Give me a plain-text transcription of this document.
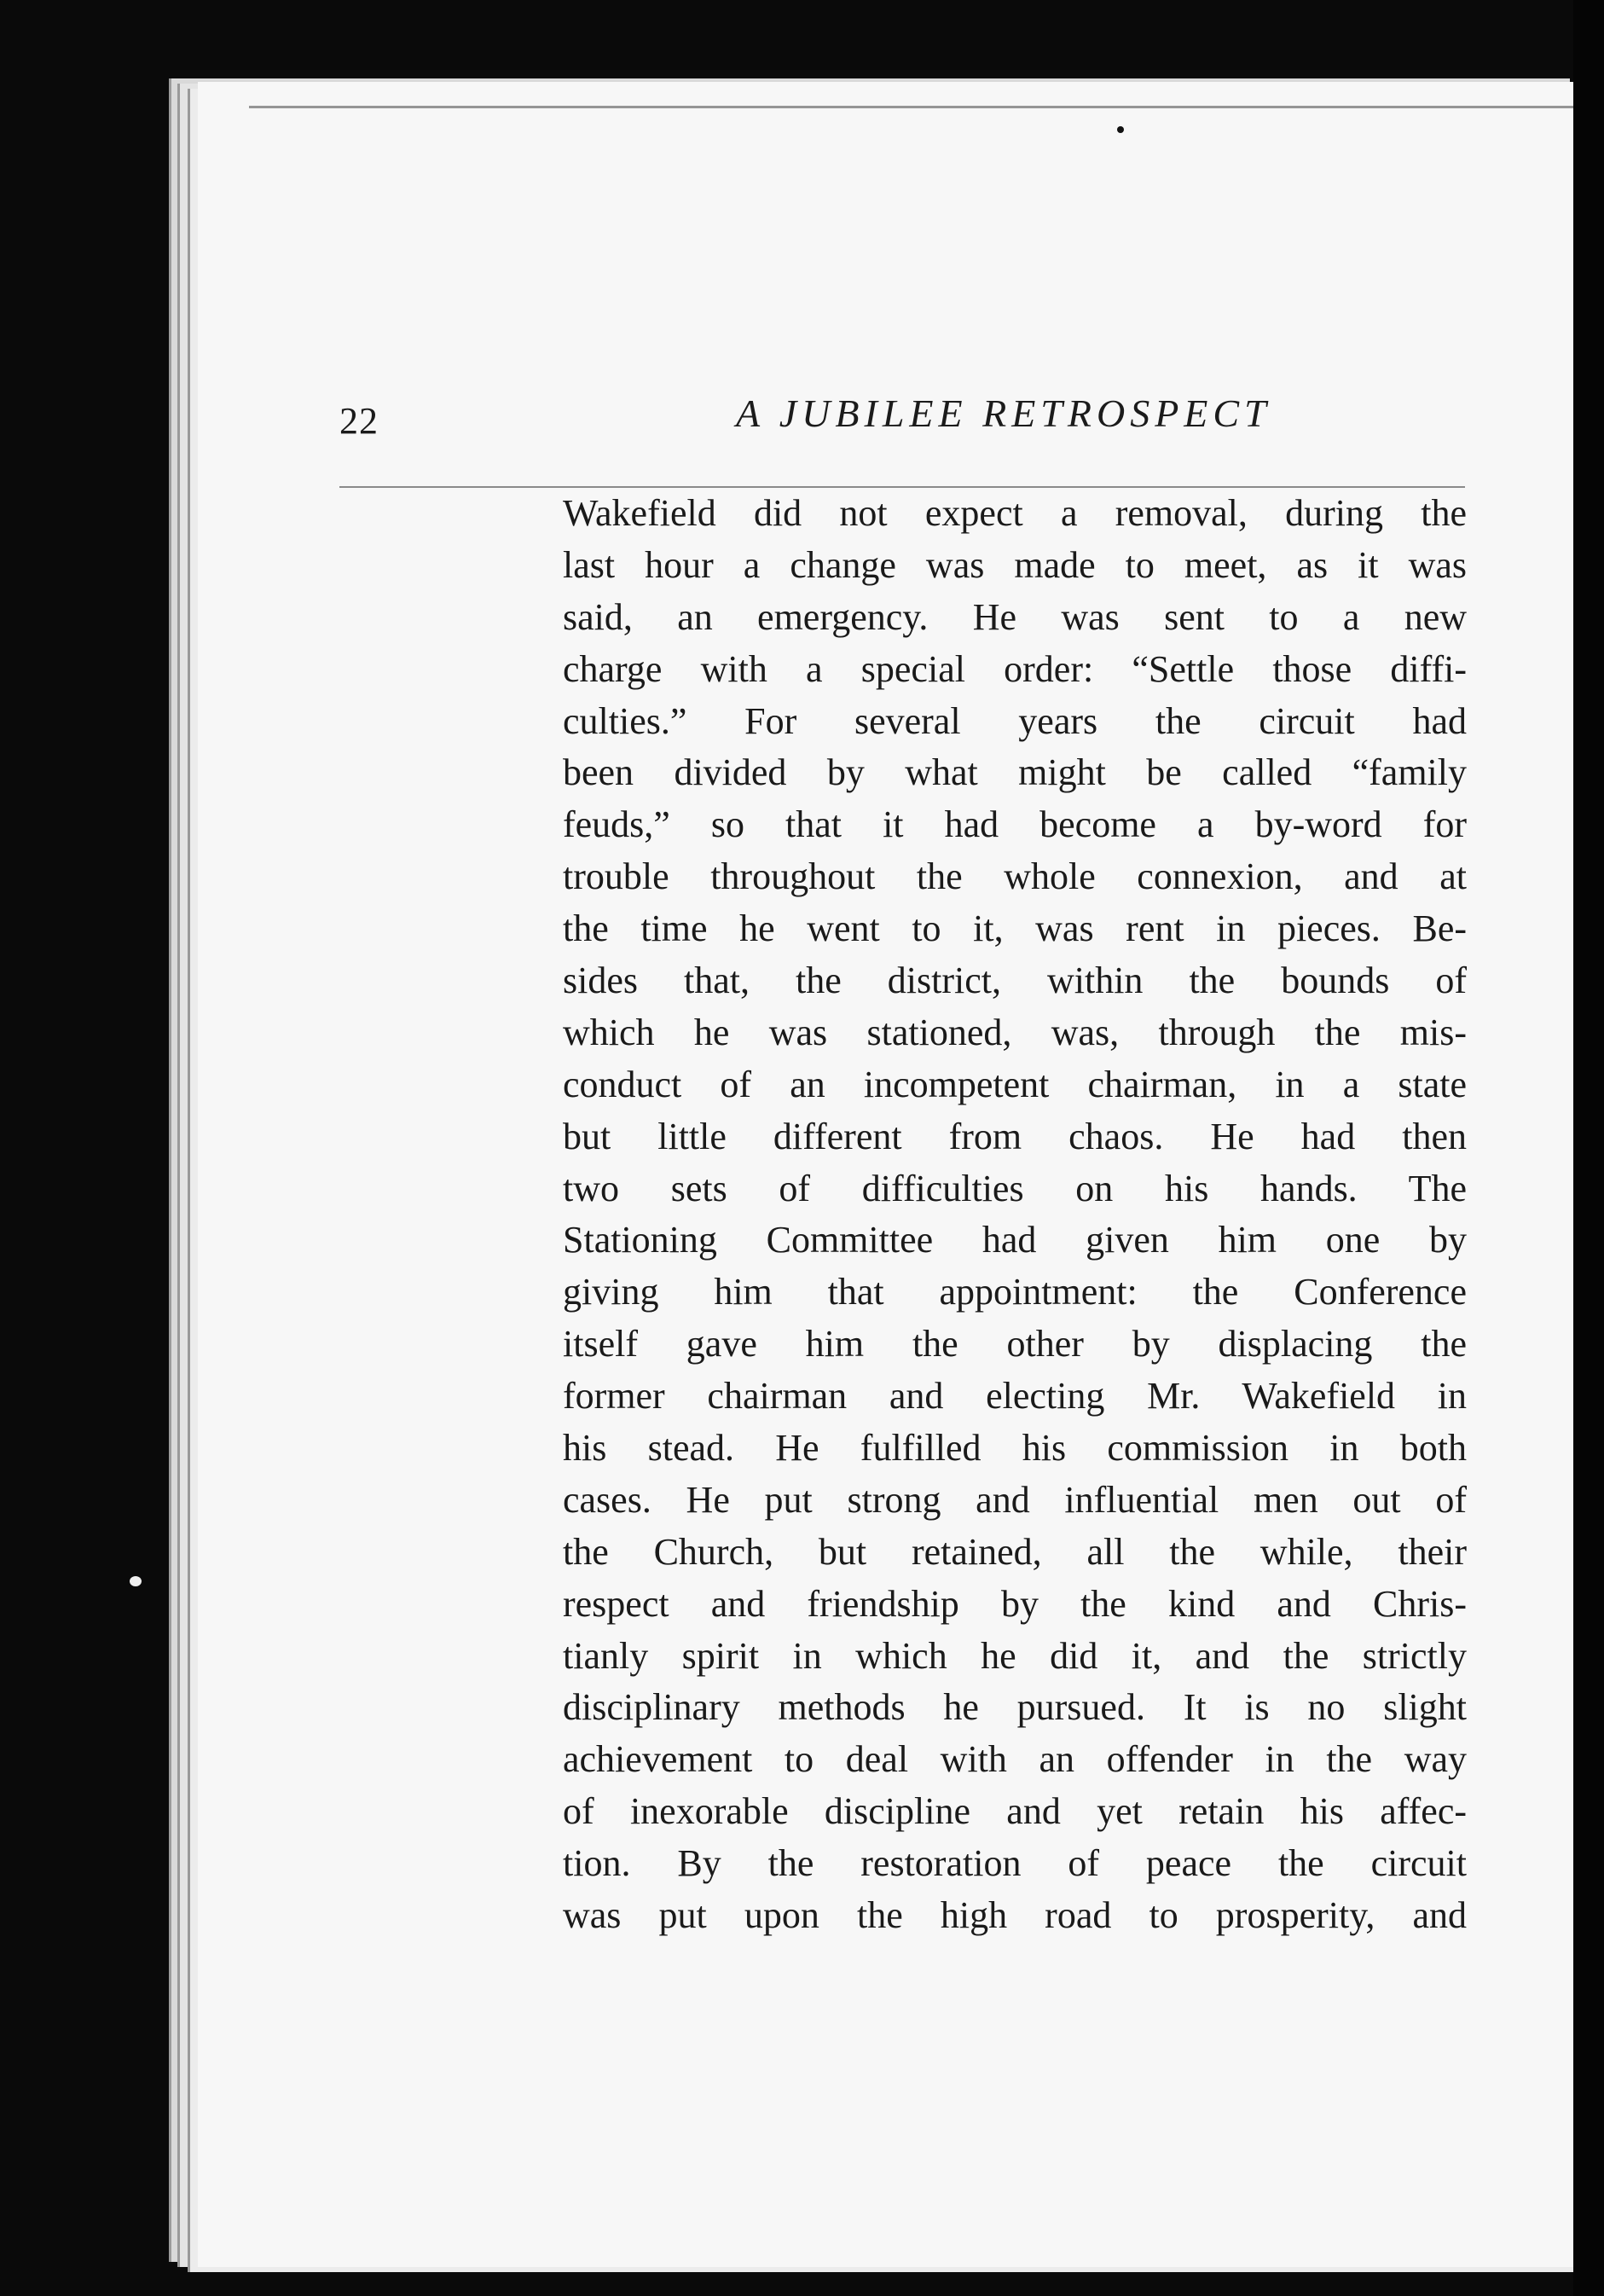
22	A JUBILEE RETROSPECT
Wakefield did not expect a removal, during the
last hour a change was made to meet, as it was
said, an emergency. He was sent to a new
charge with a special order: “Settle those diffi-
culties.” For several years the circuit had
been divided by what might be called “family
feuds,” so that it had become a by-word for
trouble throughout the whole connexion, and at
the time he went to it, was rent in pieces. Be-
sides that, the district, within the bounds of
which he was stationed, was, through the mis-
conduct of an incompetent chairman, in a state
but little different from chaos. He had then
two sets of difficulties on his hands. The
Stationing Committee had given him one by
giving him that appointment: the Conference
itself gave him the other by displacing the
former chairman and electing Mr. Wakefield in
his stead. He fulfilled his commission in both
cases. He put strong and influential men out of
the Church, but retained, all the while, their
respect and friendship by the kind and Chris-
tianly spirit in which he did it, and the strictly
disciplinary methods he pursued. It is no slight
achievement to deal with an offender in the way
of inexorable discipline and yet retain his affec-
tion. By the restoration of peace the circuit
was put upon the high road to prosperity, and
